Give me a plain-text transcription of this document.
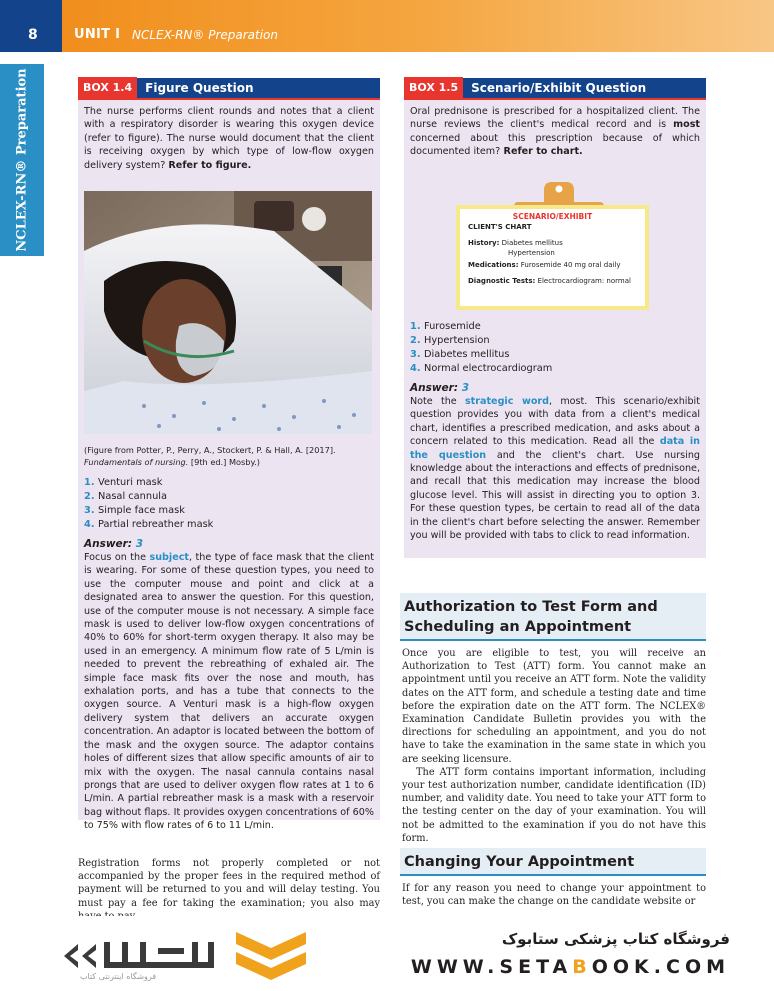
8	UNIT I NCLEX-RN® Preparation
NCLEX-RN® Preparation	BOX 1.4	Figure Question

The nurse performs client rounds and notes that a client with a respiratory disorder is wearing this oxygen device (refer to figure). The nurse would document that the client is receiving oxygen by which type of low-flow oxygen delivery system? Refer to figure.

(Figure from Potter, P., Perry, A., Stockert, P. & Hall, A. [2017]. Fundamentals of nursing. [9th ed.] Mosby.)

1. Venturi mask
2. Nasal cannula
3. Simple face mask
4. Partial rebreather mask
Answer: 3

Focus on the subject, the type of face mask that the client is wearing. For some of these question types, you need to use the computer mouse and point and click at a designated area to answer the question. For this question, use of the computer mouse is not necessary. A simple face mask is used to deliver low-flow oxygen concentrations of 40% to 60% for short-term oxygen therapy. It also may be used in an emergency. A minimum flow rate of 5 L/min is needed to prevent the rebreathing of exhaled air. The simple face mask fits over the nose and mouth, has exhalation ports, and has a tube that connects to the oxygen source. A Venturi mask is a high-flow oxygen delivery system that delivers an accurate oxygen concentration. An adaptor is located between the bottom of the mask and the oxygen source. The adaptor contains holes of different sizes that allow specific amounts of air to mix with the oxygen. The nasal cannula contains nasal prongs that are used to deliver oxygen flow rates at 1 to 6 L/min. A partial rebreather mask is a mask with a reservoir bag without flaps. It provides oxygen concentrations of 60% to 75% with flow rates of 6 to 11 L/min.

BOX 1.5	Scenario/Exhibit Question

Oral prednisone is prescribed for a hospitalized client. The nurse reviews the client's medical record and is most concerned about this prescription because of which documented item? Refer to chart.

1. Furosemide
2. Hypertension
3. Diabetes mellitus
4. Normal electrocardiogram
Answer: 3

Note the strategic word, most. This scenario/exhibit question provides you with data from a client's medical chart, identifies a prescribed medication, and asks about a concern related to this medication. Read all the data in the question and the client's chart. Use nursing knowledge about the interactions and effects of prednisone, and recall that this medication may increase the blood glucose level. This will assist in directing you to option 3. For these question types, be certain to read all of the data in the client's chart before selecting the answer. Remember you will be provided with tabs to click to read information.

SCENARIO/EXHIBIT
CLIENT'S CHART
History: Diabetes mellitus
Hypertension
Medications: Furosemide 40 mg oral daily
Diagnostic Tests: Electrocardiogram: normal
Authorization to Test Form and
Scheduling an Appointment

Once you are eligible to test, you will receive an Authorization to Test (ATT) form. You cannot make an appointment until you receive an ATT form. Note the validity dates on the ATT form, and schedule a testing date and time before the expiration date on the ATT form. The NCLEX® Examination Candidate Bulletin provides you with the directions for scheduling an appointment, and you do not have to take the examination in the same state in which you are seeking licensure.

The ATT form contains important information, including your test authorization number, candidate identification (ID) number, and validity date. You need to take your ATT form to the testing center on the day of your examination. You will not be admitted to the examination if you do not have this form.

Changing Your Appointment

If for any reason you need to change your appointment to test, you can make the change on the candidate website or

Registration forms not properly completed or not accompanied by the proper fees in the required method of payment will be returned to you and will delay testing. You must pay a fee for taking the examination; you also may

فروشگاه اینترنتی کتاب
فروشگاه کتاب پزشکی ستابوک
WWW.SETABOOK.COM
